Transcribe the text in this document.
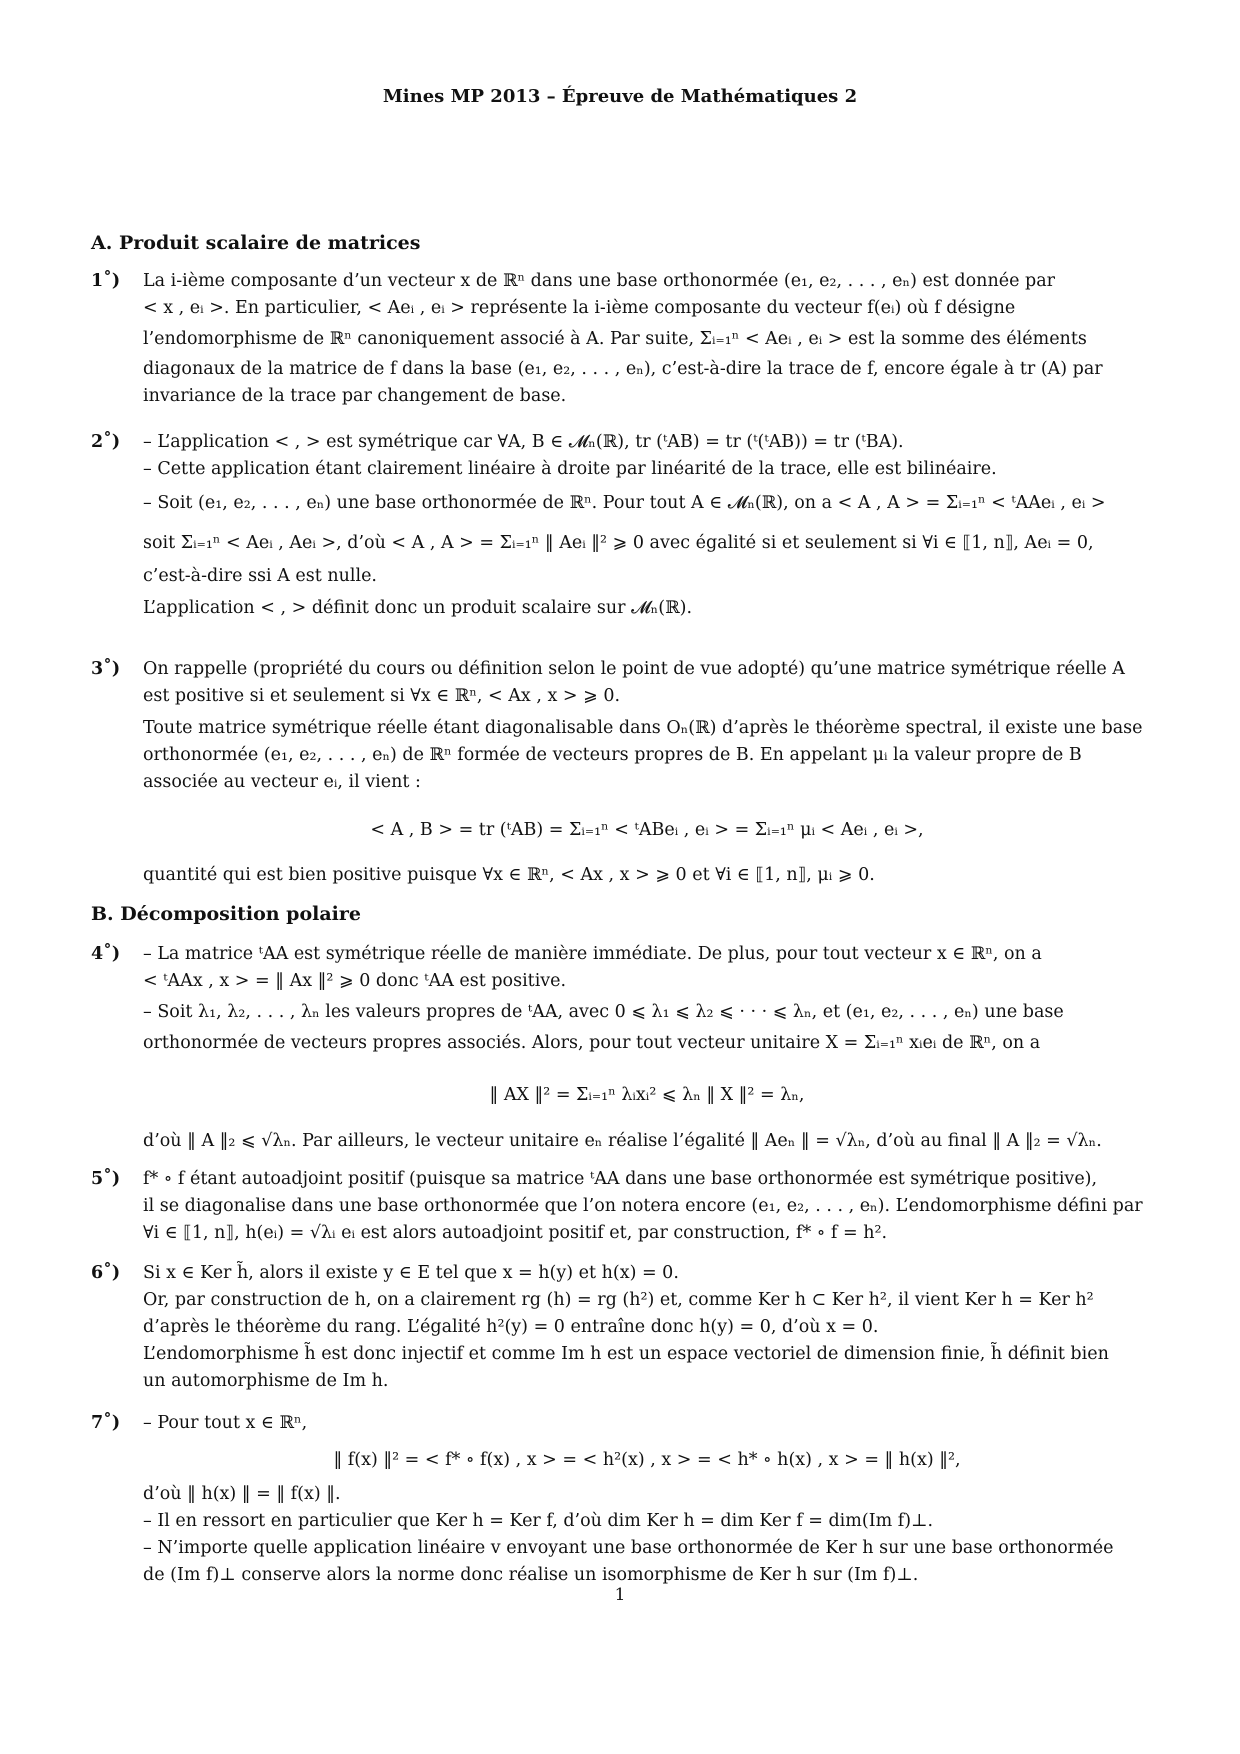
Mines MP 2013 – Épreuve de Mathématiques 2
A. Produit scalaire de matrices
1˚) La i-ième composante d’un vecteur x de ℝⁿ dans une base orthonormée (e₁, e₂, . . . , eₙ) est donnée par
< x , eᵢ >. En particulier, < Aeᵢ , eᵢ > représente la i-ième composante du vecteur f(eᵢ) où f désigne
l’endomorphisme de ℝⁿ canoniquement associé à A. Par suite, Σᵢ₌₁ⁿ < Aeᵢ , eᵢ > est la somme des éléments
diagonaux de la matrice de f dans la base (e₁, e₂, . . . , eₙ), c’est-à-dire la trace de f, encore égale à tr (A) par
invariance de la trace par changement de base.
2˚) – L’application < , > est symétrique car ∀A, B ∈ 𝓜ₙ(ℝ), tr (ᵗAB) = tr (ᵗ(ᵗAB)) = tr (ᵗBA).
– Cette application étant clairement linéaire à droite par linéarité de la trace, elle est bilinéaire.
– Soit (e₁, e₂, . . . , eₙ) une base orthonormée de ℝⁿ. Pour tout A ∈ 𝓜ₙ(ℝ), on a < A , A > = Σᵢ₌₁ⁿ < ᵗAAeᵢ , eᵢ >
soit Σᵢ₌₁ⁿ < Aeᵢ , Aeᵢ >, d’où < A , A > = Σᵢ₌₁ⁿ ‖ Aeᵢ ‖² ⩾ 0 avec égalité si et seulement si ∀i ∈ ⟦1, n⟧, Aeᵢ = 0,
c’est-à-dire ssi A est nulle.
L’application < , > définit donc un produit scalaire sur 𝓜ₙ(ℝ).
3˚) On rappelle (propriété du cours ou définition selon le point de vue adopté) qu’une matrice symétrique réelle A
est positive si et seulement si ∀x ∈ ℝⁿ, < Ax , x > ⩾ 0.
Toute matrice symétrique réelle étant diagonalisable dans Oₙ(ℝ) d’après le théorème spectral, il existe une base
orthonormée (e₁, e₂, . . . , eₙ) de ℝⁿ formée de vecteurs propres de B. En appelant μᵢ la valeur propre de B
associée au vecteur eᵢ, il vient :
< A , B > = tr (ᵗAB) = Σᵢ₌₁ⁿ < ᵗABeᵢ , eᵢ > = Σᵢ₌₁ⁿ μᵢ < Aeᵢ , eᵢ >,
quantité qui est bien positive puisque ∀x ∈ ℝⁿ, < Ax , x > ⩾ 0 et ∀i ∈ ⟦1, n⟧, μᵢ ⩾ 0.
B. Décomposition polaire
4˚) – La matrice ᵗAA est symétrique réelle de manière immédiate. De plus, pour tout vecteur x ∈ ℝⁿ, on a
< ᵗAAx , x > = ‖ Ax ‖² ⩾ 0 donc ᵗAA est positive.
– Soit λ₁, λ₂, . . . , λₙ les valeurs propres de ᵗAA, avec 0 ⩽ λ₁ ⩽ λ₂ ⩽ · · · ⩽ λₙ, et (e₁, e₂, . . . , eₙ) une base
orthonormée de vecteurs propres associés. Alors, pour tout vecteur unitaire X = Σᵢ₌₁ⁿ xᵢeᵢ de ℝⁿ, on a
‖ AX ‖² = Σᵢ₌₁ⁿ λᵢxᵢ² ⩽ λₙ ‖ X ‖² = λₙ,
d’où ‖ A ‖₂ ⩽ √λₙ. Par ailleurs, le vecteur unitaire eₙ réalise l’égalité ‖ Aeₙ ‖ = √λₙ, d’où au final ‖ A ‖₂ = √λₙ.
5˚) f* ∘ f étant autoadjoint positif (puisque sa matrice ᵗAA dans une base orthonormée est symétrique positive),
il se diagonalise dans une base orthonormée que l’on notera encore (e₁, e₂, . . . , eₙ). L’endomorphisme défini par
∀i ∈ ⟦1, n⟧, h(eᵢ) = √λᵢ eᵢ est alors autoadjoint positif et, par construction, f* ∘ f = h².
6˚) Si x ∈ Ker h̃, alors il existe y ∈ E tel que x = h(y) et h(x) = 0.
Or, par construction de h, on a clairement rg (h) = rg (h²) et, comme Ker h ⊂ Ker h², il vient Ker h = Ker h²
d’après le théorème du rang. L’égalité h²(y) = 0 entraîne donc h(y) = 0, d’où x = 0.
L’endomorphisme h̃ est donc injectif et comme Im h est un espace vectoriel de dimension finie, h̃ définit bien
un automorphisme de Im h.
7˚) – Pour tout x ∈ ℝⁿ,
‖ f(x) ‖² = < f* ∘ f(x) , x > = < h²(x) , x > = < h* ∘ h(x) , x > = ‖ h(x) ‖²,
d’où ‖ h(x) ‖ = ‖ f(x) ‖.
– Il en ressort en particulier que Ker h = Ker f, d’où dim Ker h = dim Ker f = dim(Im f)⊥.
– N’importe quelle application linéaire v envoyant une base orthonormée de Ker h sur une base orthonormée
de (Im f)⊥ conserve alors la norme donc réalise un isomorphisme de Ker h sur (Im f)⊥.
1
